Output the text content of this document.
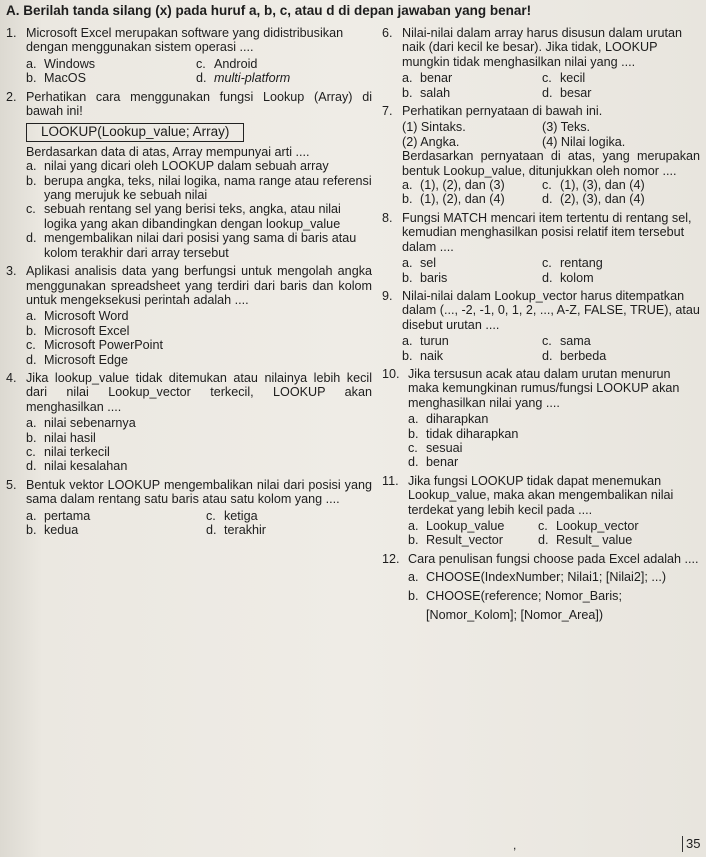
A. Berilah tanda silang (x) pada huruf a, b, c, atau d di depan jawaban yang benar!
1. Microsoft Excel merupakan software yang didistribusikan dengan menggunakan sistem operasi ....
a. Windows	c. Android
b. MacOS	d. multi-platform
2. Perhatikan cara menggunakan fungsi Lookup (Array) di bawah ini!
LOOKUP(Lookup_value; Array)
Berdasarkan data di atas, Array mempunyai arti ....
a. nilai yang dicari oleh LOOKUP dalam sebuah array
b. berupa angka, teks, nilai logika, nama range atau referensi yang merujuk ke sebuah nilai
c. sebuah rentang sel yang berisi teks, angka, atau nilai logika yang akan dibandingkan dengan lookup_value
d. mengembalikan nilai dari posisi yang sama di baris atau kolom terakhir dari array tersebut
3. Aplikasi analisis data yang berfungsi untuk mengolah angka menggunakan spreadsheet yang terdiri dari baris dan kolom untuk mengeksekusi perintah adalah ....
a. Microsoft Word
b. Microsoft Excel
c. Microsoft PowerPoint
d. Microsoft Edge
4. Jika lookup_value tidak ditemukan atau nilainya lebih kecil dari nilai Lookup_vector terkecil, LOOKUP akan menghasilkan ....
a. nilai sebenarnya
b. nilai hasil
c. nilai terkecil
d. nilai kesalahan
5. Bentuk vektor LOOKUP mengembalikan nilai dari posisi yang sama dalam rentang satu baris atau satu kolom yang ....
a. pertama	c. ketiga
b. kedua	d. terakhir
6. Nilai-nilai dalam array harus disusun dalam urutan naik (dari kecil ke besar). Jika tidak, LOOKUP mungkin tidak menghasilkan nilai yang ....
a. benar	c. kecil
b. salah	d. besar
7. Perhatikan pernyataan di bawah ini.
(1) Sintaks.	(3) Teks.
(2) Angka.	(4) Nilai logika.
Berdasarkan pernyataan di atas, yang merupakan bentuk Lookup_value, ditunjukkan oleh nomor ....
a. (1), (2), dan (3)	c. (1), (3), dan (4)
b. (1), (2), dan (4)	d. (2), (3), dan (4)
8. Fungsi MATCH mencari item tertentu di rentang sel, kemudian menghasilkan posisi relatif item tersebut dalam ....
a. sel	c. rentang
b. baris	d. kolom
9. Nilai-nilai dalam Lookup_vector harus ditempatkan dalam (..., -2, -1, 0, 1, 2, ..., A-Z, FALSE, TRUE), atau disebut urutan ....
a. turun	c. sama
b. naik	d. berbeda
10. Jika tersusun acak atau dalam urutan menurun maka kemungkinan rumus/fungsi LOOKUP akan menghasilkan nilai yang ....
a. diharapkan
b. tidak diharapkan
c. sesuai
d. benar
11. Jika fungsi LOOKUP tidak dapat menemukan Lookup_value, maka akan mengembalikan nilai terdekat yang lebih kecil pada ....
a. Lookup_value	c. Lookup_vector
b. Result_vector	d. Result_ value
12. Cara penulisan fungsi choose pada Excel adalah ....
a. CHOOSE(IndexNumber; Nilai1; [Nilai2]; ...)
b. CHOOSE(reference; Nomor_Baris; [Nomor_Kolom]; [Nomor_Area])
,	35
